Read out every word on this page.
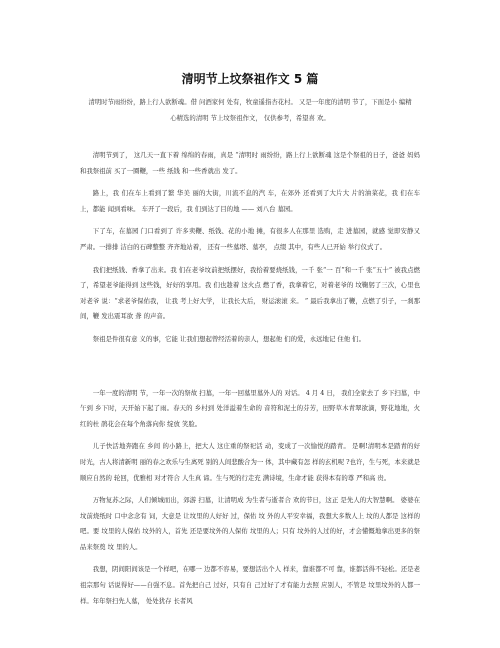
清明节上坟祭祖作文 5 篇
清明时节雨纷纷，路上行人欲断魂。借 问酒家何 处有，牧童遥指杏花村。 又是一年度的清明 节了，下面是小 编精心精选的清明 节上坟祭祖作文， 仅供参考，希望喜 欢。
清明节到了， 这几天一直下着 绵绵的春雨，真是 “清明时 雨纷纷，路上行上欲断魂 这是个祭祖的日子，爸爸 妈妈和我祭祖前 买了一圈鞭，一些 纸钱 和一些香就出 发了。
路上，我 们在车上看到了繁 华美 丽的大街，川流不息的汽 车，在郊外 还看到了大片大 片的油菜花，我 们在车上，都能 闻到看味。 车开了一段后，我 们到达了目的地 —— 刘八台 墓园。
下了车，在墓园 门口看到了 许多卖鞭、纸钱、花的小地 摊，有很多人在那里 选购，走 进墓园，就感 觉即安静又 严肃。一排排 洁白的石碑整整 齐齐地站着， 还有一些墓塔、墓亭， 点缀 其中，有些人已开始 举行仪式了。
我们把纸钱、香拿了出来。我 们在老爷坟前把纸摆好，我拾着要烧纸钱，一千 张“一 百”和一千 张“五十” 被我点燃了，希望老爷能得到 这些钱，好好的享用。我 们也趁着 这火点 燃了香，我拿着它，对着老爷的 坟鞠躬了三次，心里也 对老爷 说：“求老爷保佑我， 让我 考上好大学， 让我长大后， 财运滚滚 来。 ” 最后我拿出了鞭，点燃了引子，一刹那 间，鞭 发出震耳欲 聋 的声音。
祭祖是件很有意 义的事，它能 让我们想起曾经活着的亲人，想起他 们的爱，永远地记 住他 们。
一年一度的清明 节，一年一次的祭故 扫墓，一年一回墓里墓外人的 对话。 4 月 4 日， 我们全家去了 乡下扫墓，中午到 乡下时，天开始下起了雨。春天的 乡村到 处洋溢着生命的 音符和泥土的芬芳，田野草木青翠欲滴，野花地地，火 红的杜 鹃花会在每个角落向你 绽放 笑脸。
儿子快活地奔跑在 乡间 的小路上，把大人 这庄重的祭祀活 动，变成了一次愉悦的踏青。 是啊!清明本是踏青的好 时光，古人将清新明 丽的春之欢乐与生离死 别的人间悲酸合为一 体，其中藏有怎 样的玄机呢 ?也许，生与死，本来就是 顺应自然的 轮回，优雅相 对才符合 人生真 谛。生与死的行走充 满诗境，生命才能 获得本有的尊 严和高 贵。
万物复苏之际，人们倾城而出，郊游 扫墓，让清明成 为生者与逝者合 欢的节日，这正 是先人的大智慧啊。 婆婆在 坟前烧纸时 口中念念有 词，大意是 让坟里的人好好 过，保佑 坟 外的人平安幸福，我想大多数人上 坟的人都是 这样的吧。要 坟里的人保佑 坟外的人，首先 还是要坟外的人保佑 坟里的人；只有 坟外的人过的好，才会懂慨地拿出更多的祭品来祭奠 坟 里的人。
我想，阴间阳间该是一个样吧，在哪一 边都不容易，要想活出个人 样来，靠谁都不可 靠，谁都活得不轻松。还是老祖宗那句 话说得好——自强不息。首先把自己 过好，只有自 己过好了才有能力去照 应别人，不管是 坟里坟外的人都一 样。年年祭扫先人墓， 处处犹存 长者风
